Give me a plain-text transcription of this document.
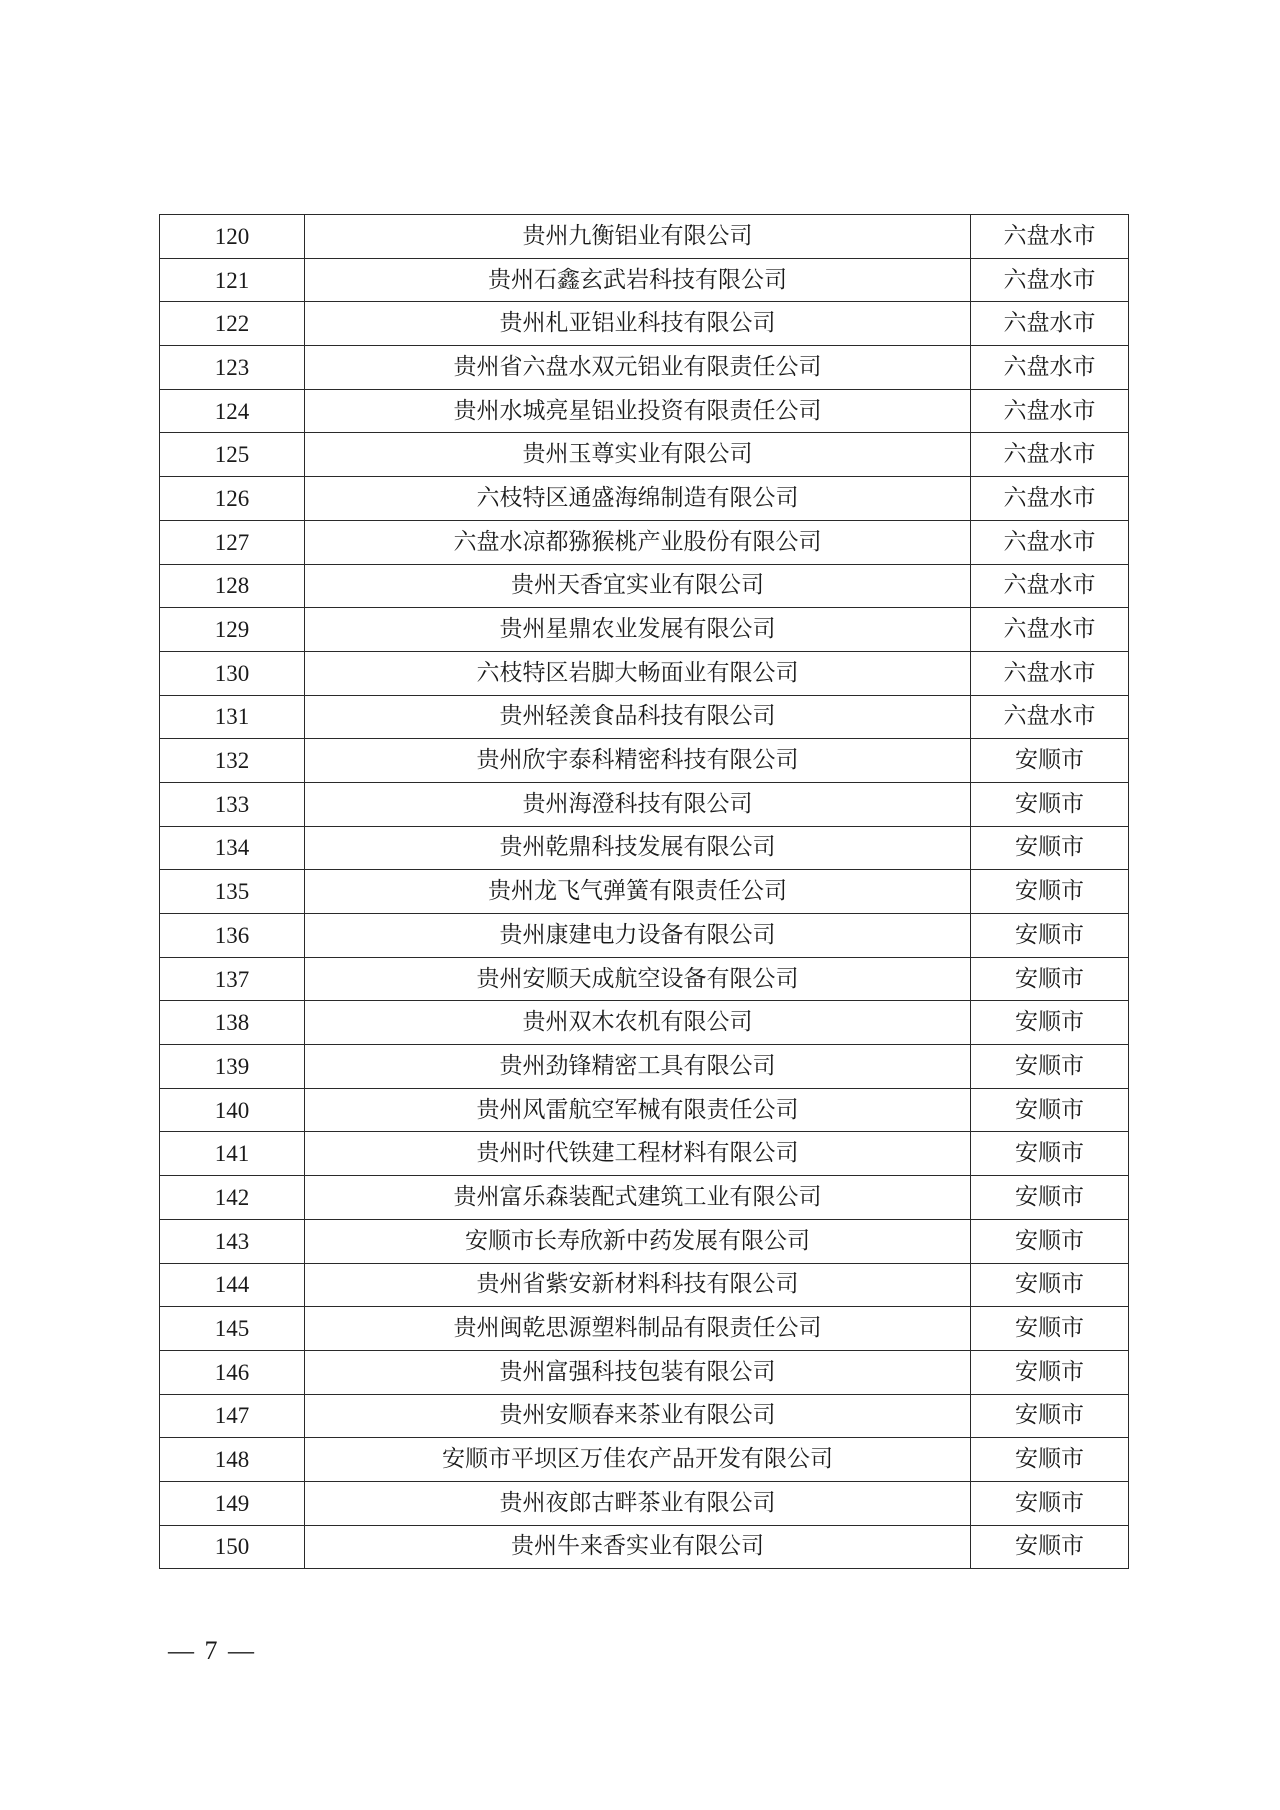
120	贵州九衡铝业有限公司	六盘水市
121	贵州石鑫玄武岩科技有限公司	六盘水市
122	贵州札亚铝业科技有限公司	六盘水市
123	贵州省六盘水双元铝业有限责任公司	六盘水市
124	贵州水城亮星铝业投资有限责任公司	六盘水市
125	贵州玉尊实业有限公司	六盘水市
126	六枝特区通盛海绵制造有限公司	六盘水市
127	六盘水凉都猕猴桃产业股份有限公司	六盘水市
128	贵州天香宜实业有限公司	六盘水市
129	贵州星鼎农业发展有限公司	六盘水市
130	六枝特区岩脚大畅面业有限公司	六盘水市
131	贵州轻羡食品科技有限公司	六盘水市
132	贵州欣宇泰科精密科技有限公司	安顺市
133	贵州海澄科技有限公司	安顺市
134	贵州乾鼎科技发展有限公司	安顺市
135	贵州龙飞气弹簧有限责任公司	安顺市
136	贵州康建电力设备有限公司	安顺市
137	贵州安顺天成航空设备有限公司	安顺市
138	贵州双木农机有限公司	安顺市
139	贵州劲锋精密工具有限公司	安顺市
140	贵州风雷航空军械有限责任公司	安顺市
141	贵州时代铁建工程材料有限公司	安顺市
142	贵州富乐森装配式建筑工业有限公司	安顺市
143	安顺市长寿欣新中药发展有限公司	安顺市
144	贵州省紫安新材料科技有限公司	安顺市
145	贵州闽乾思源塑料制品有限责任公司	安顺市
146	贵州富强科技包装有限公司	安顺市
147	贵州安顺春来茶业有限公司	安顺市
148	安顺市平坝区万佳农产品开发有限公司	安顺市
149	贵州夜郎古畔茶业有限公司	安顺市
150	贵州牛来香实业有限公司	安顺市
— 7 —
